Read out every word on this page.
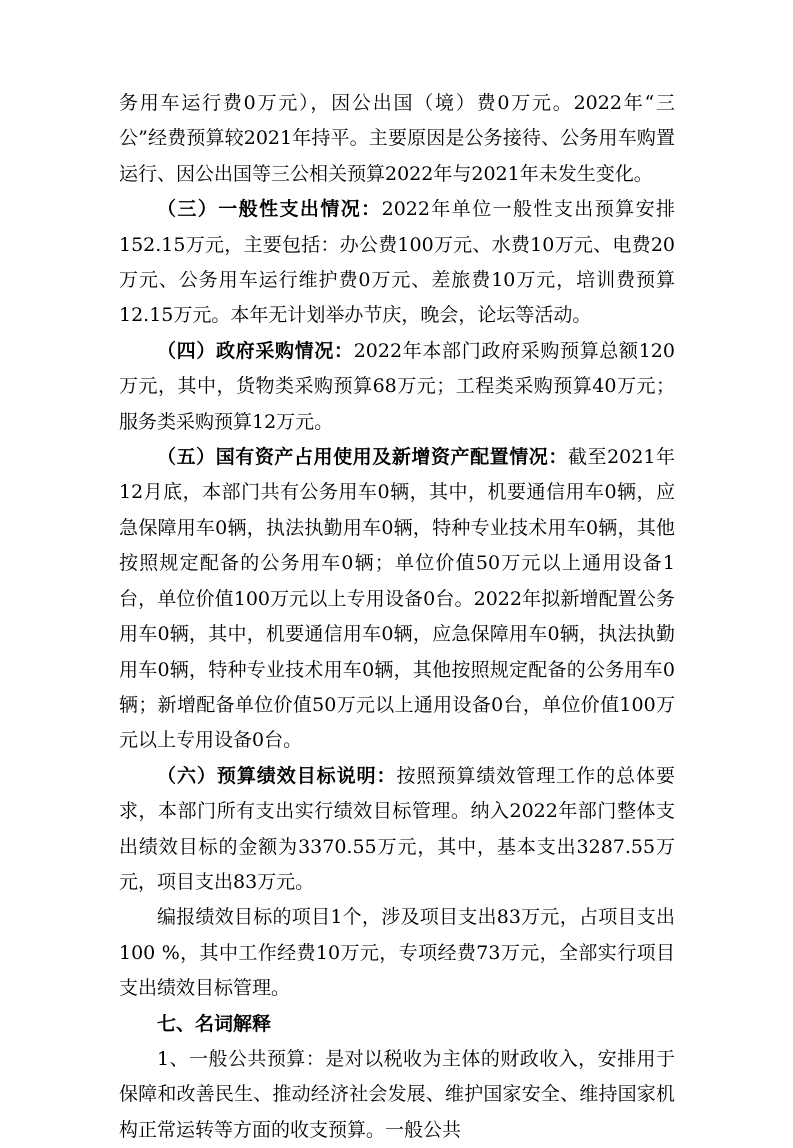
务用车运行费0万元），因公出国（境）费0万元。2022年“三公”经费预算较2021年持平。主要原因是公务接待、公务用车购置运行、因公出国等三公相关预算2022年与2021年未发生变化。

（三）一般性支出情况：2022年单位一般性支出预算安排152.15万元，主要包括：办公费100万元、水费10万元、电费20万元、公务用车运行维护费0万元、差旅费10万元，培训费预算12.15万元。本年无计划举办节庆，晚会，论坛等活动。

（四）政府采购情况：2022年本部门政府采购预算总额120万元，其中，货物类采购预算68万元；工程类采购预算40万元；服务类采购预算12万元。

（五）国有资产占用使用及新增资产配置情况：截至2021年12月底，本部门共有公务用车0辆，其中，机要通信用车0辆，应急保障用车0辆，执法执勤用车0辆，特种专业技术用车0辆，其他按照规定配备的公务用车0辆；单位价值50万元以上通用设备1台，单位价值100万元以上专用设备0台。2022年拟新增配置公务用车0辆，其中，机要通信用车0辆，应急保障用车0辆，执法执勤用车0辆，特种专业技术用车0辆，其他按照规定配备的公务用车0辆；新增配备单位价值50万元以上通用设备0台，单位价值100万元以上专用设备0台。

（六）预算绩效目标说明：按照预算绩效管理工作的总体要求，本部门所有支出实行绩效目标管理。纳入2022年部门整体支出绩效目标的金额为3370.55万元，其中，基本支出3287.55万元，项目支出83万元。

编报绩效目标的项目1个，涉及项目支出83万元，占项目支出100 %，其中工作经费10万元，专项经费73万元，全部实行项目支出绩效目标管理。

七、名词解释

1、一般公共预算：是对以税收为主体的财政收入，安排用于保障和改善民生、推动经济社会发展、维护国家安全、维持国家机构正常运转等方面的收支预算。一般公共
